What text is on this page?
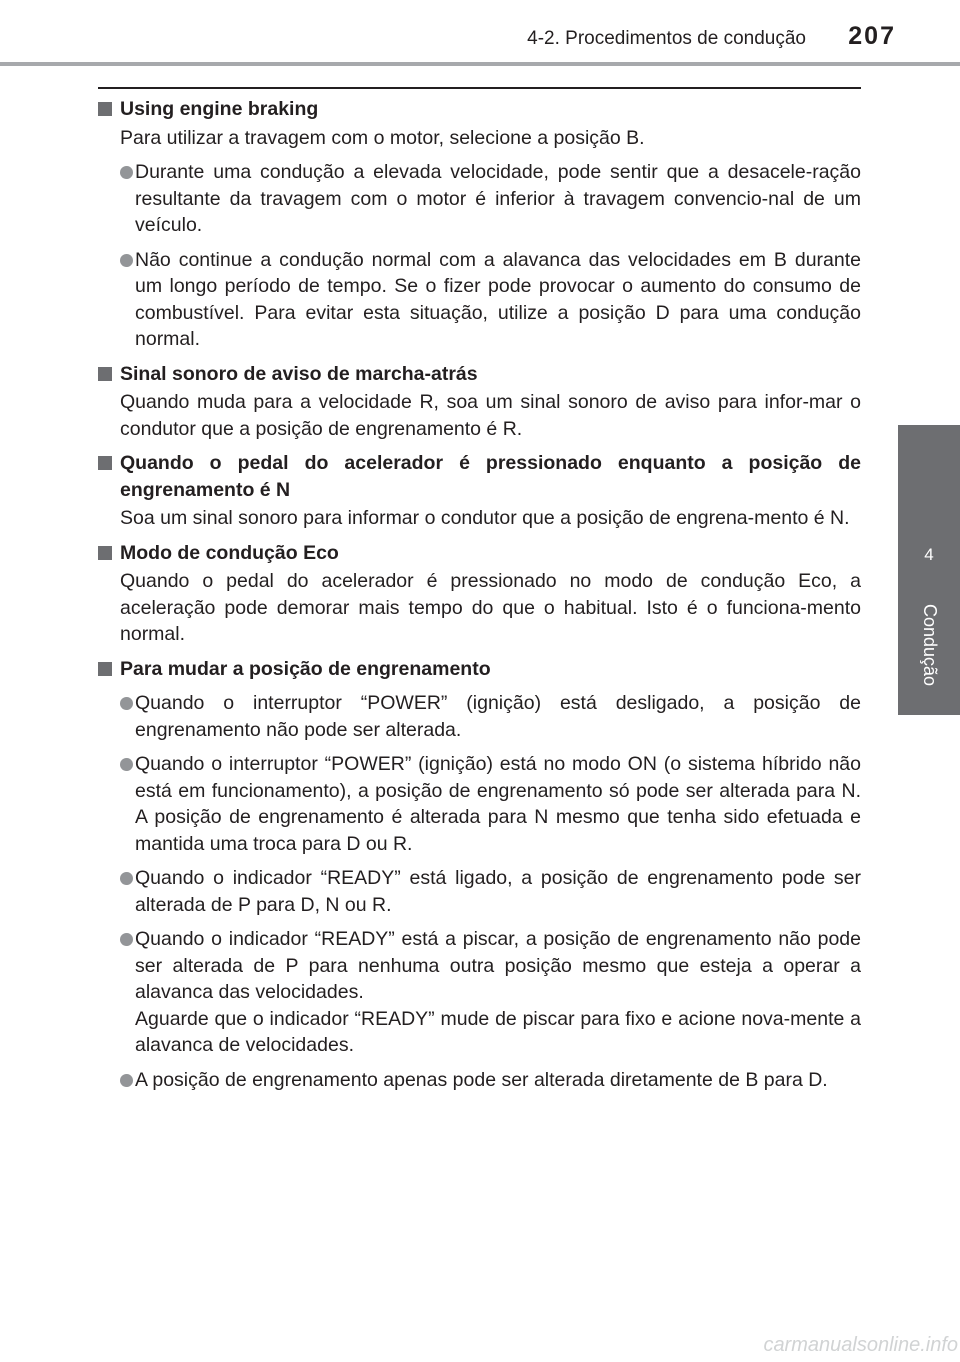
4-2. Procedimentos de condução	207
4
Condução
Using engine braking
Para utilizar a travagem com o motor, selecione a posição B.
Durante uma condução a elevada velocidade, pode sentir que a desacele-ração resultante da travagem com o motor é inferior à travagem convencio-nal de um veículo.
Não continue a condução normal com a alavanca das velocidades em B durante um longo período de tempo. Se o fizer pode provocar o aumento do consumo de combustível. Para evitar esta situação, utilize a posição D para uma condução normal.
Sinal sonoro de aviso de marcha-atrás
Quando muda para a velocidade R, soa um sinal sonoro de aviso para infor-mar o condutor que a posição de engrenamento é R.
Quando o pedal do acelerador é pressionado enquanto a posição de engrenamento é N
Soa um sinal sonoro para informar o condutor que a posição de engrena-mento é N.
Modo de condução Eco
Quando o pedal do acelerador é pressionado no modo de condução Eco, a aceleração pode demorar mais tempo do que o habitual. Isto é o funciona-mento normal.
Para mudar a posição de engrenamento
Quando o interruptor “POWER” (ignição) está desligado, a posição de engrenamento não pode ser alterada.
Quando o interruptor “POWER” (ignição) está no modo ON (o sistema híbrido não está em funcionamento), a posição de engrenamento só pode ser alterada para N. A posição de engrenamento é alterada para N mesmo que tenha sido efetuada e mantida uma troca para D ou R.
Quando o indicador “READY” está ligado, a posição de engrenamento pode ser alterada de P para D, N ou R.
Quando o indicador “READY” está a piscar, a posição de engrenamento não pode ser alterada de P para nenhuma outra posição mesmo que esteja a operar a alavanca das velocidades.
Aguarde que o indicador “READY” mude de piscar para fixo e acione nova-mente a alavanca de velocidades.
A posição de engrenamento apenas pode ser alterada diretamente de B para D.
carmanualsonline.info
